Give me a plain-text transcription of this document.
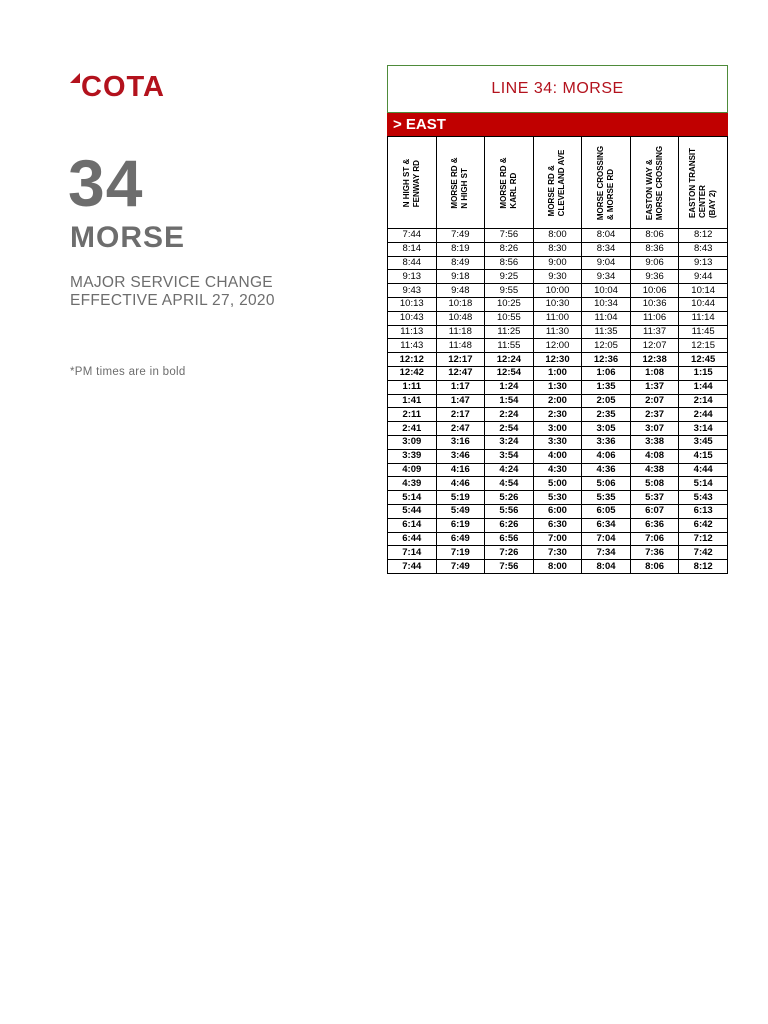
COTA
34
MORSE
MAJOR SERVICE CHANGE
EFFECTIVE APRIL 27, 2020
*PM times are in bold
LINE 34: MORSE
> EAST
N HIGH ST & FENWAY RD	MORSE RD & N HIGH ST	MORSE RD & KARL RD	MORSE RD & CLEVELAND AVE	MORSE CROSSING & MORSE RD	EASTON WAY & MORSE CROSSING	EASTON TRANSIT CENTER (BAY 2)

7:44	7:49	7:56	8:00	8:04	8:06	8:12
8:14	8:19	8:26	8:30	8:34	8:36	8:43
8:44	8:49	8:56	9:00	9:04	9:06	9:13
9:13	9:18	9:25	9:30	9:34	9:36	9:44
9:43	9:48	9:55	10:00	10:04	10:06	10:14
10:13	10:18	10:25	10:30	10:34	10:36	10:44
10:43	10:48	10:55	11:00	11:04	11:06	11:14
11:13	11:18	11:25	11:30	11:35	11:37	11:45
11:43	11:48	11:55	12:00	12:05	12:07	12:15
12:12	12:17	12:24	12:30	12:36	12:38	12:45
12:42	12:47	12:54	1:00	1:06	1:08	1:15
1:11	1:17	1:24	1:30	1:35	1:37	1:44
1:41	1:47	1:54	2:00	2:05	2:07	2:14
2:11	2:17	2:24	2:30	2:35	2:37	2:44
2:41	2:47	2:54	3:00	3:05	3:07	3:14
3:09	3:16	3:24	3:30	3:36	3:38	3:45
3:39	3:46	3:54	4:00	4:06	4:08	4:15
4:09	4:16	4:24	4:30	4:36	4:38	4:44
4:39	4:46	4:54	5:00	5:06	5:08	5:14
5:14	5:19	5:26	5:30	5:35	5:37	5:43
5:44	5:49	5:56	6:00	6:05	6:07	6:13
6:14	6:19	6:26	6:30	6:34	6:36	6:42
6:44	6:49	6:56	7:00	7:04	7:06	7:12
7:14	7:19	7:26	7:30	7:34	7:36	7:42
7:44	7:49	7:56	8:00	8:04	8:06	8:12
